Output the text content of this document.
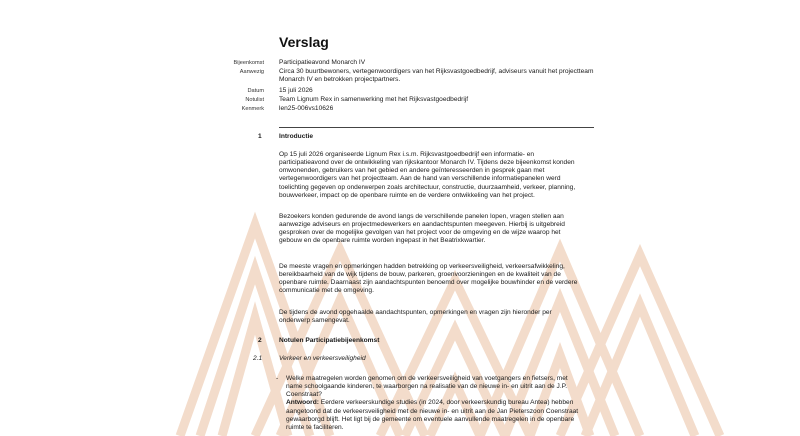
Verslag
Bijeenkomst Participatieavond Monarch IV
Aanwezig Circa 30 buurtbewoners, vertegenwoordigers van het Rijksvastgoedbedrijf, adviseurs vanuit het projectteam Monarch IV en betrokken projectpartners.
Datum 15 juli 2026
Notulist Team Lignum Rex in samenwerking met het Rijksvastgoedbedrijf
Kenmerk len25-006vs10626
1	Introductie
Op 15 juli 2026 organiseerde Lignum Rex i.s.m. Rijksvastgoedbedrijf een informatie- en participatieavond over de ontwikkeling van rijkskantoor Monarch IV. Tijdens deze bijeenkomst konden omwonenden, gebruikers van het gebied en andere geïnteresseerden in gesprek gaan met vertegenwoordigers van het projectteam. Aan de hand van verschillende informatiepanelen werd toelichting gegeven op onderwerpen zoals architectuur, constructie, duurzaamheid, verkeer, planning, bouwverkeer, impact op de openbare ruimte en de verdere ontwikkeling van het project.
Bezoekers konden gedurende de avond langs de verschillende panelen lopen, vragen stellen aan aanwezige adviseurs en projectmedewerkers en aandachtspunten meegeven. Hierbij is uitgebreid gesproken over de mogelijke gevolgen van het project voor de omgeving en de wijze waarop het gebouw en de openbare ruimte worden ingepast in het Beatrixkwartier.
De meeste vragen en opmerkingen hadden betrekking op verkeersveiligheid, verkeersafwikkeling, bereikbaarheid van de wijk tijdens de bouw, parkeren, groenvoorzieningen en de kwaliteit van de openbare ruimte. Daarnaast zijn aandachtspunten benoemd over mogelijke bouwhinder en de verdere communicatie met de omgeving.
De tijdens de avond opgehaalde aandachtspunten, opmerkingen en vragen zijn hieronder per onderwerp samengevat.
2	Notulen Participatiebijeenkomst
2.1	Verkeer en verkeersveiligheid
- Welke maatregelen worden genomen om de verkeersveiligheid van voetgangers en fietsers, met name schoolgaande kinderen, te waarborgen na realisatie van de nieuwe in- en uitrit aan de J.P. Coenstraat?
Antwoord: Eerdere verkeerskundige studies (in 2024, door verkeerskundig bureau Antea) hebben aangetoond dat de verkeersveiligheid met de nieuwe in- en uitrit aan de Jan Pieterszoon Coenstraat gewaarborgd blijft. Het ligt bij de gemeente om eventuele aanvullende maatregelen in de openbare ruimte te faciliteren.
